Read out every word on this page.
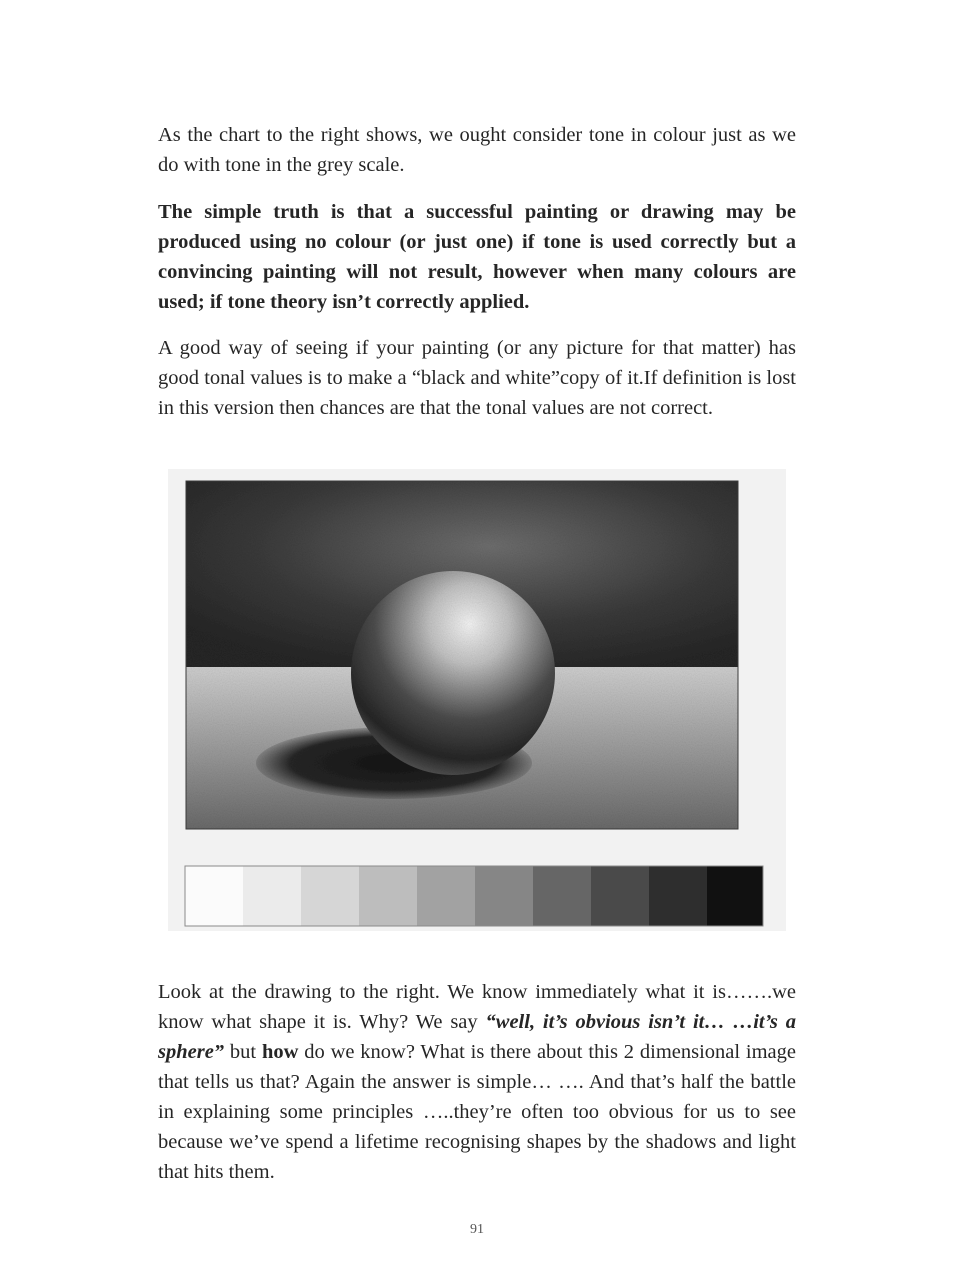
As the chart to the right shows, we ought consider tone in colour just as we do with tone in the grey scale.

The simple truth is that a successful painting or drawing may be produced using no colour (or just one) if tone is used correctly but a convincing painting will not result, however when many colours are used; if tone theory isn’t correctly applied.

A good way of seeing if your painting (or any picture for that matter) has good tonal values is to make a “black and white”copy of it.If definition is lost in this version then chances are that the tonal values are not correct.

Look at the drawing to the right. We know immediately what it is…….we know what shape it is. Why? We say “well, it’s obvious isn’t it… …it’s a sphere” but how do we know? What is there about this 2 dimensional image that tells us that? Again the answer is simple… …. And that’s half the battle in explaining some principles …..they’re often too obvious for us to see because we’ve spend a lifetime recognising shapes by the shadows and light that hits them.

91
